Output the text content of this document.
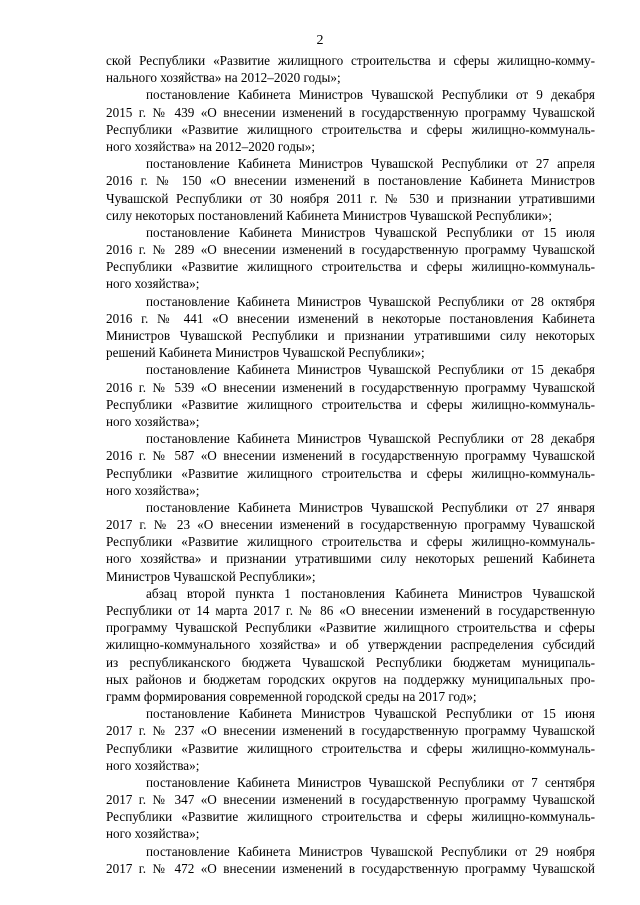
2
ской Республики «Развитие жилищного строительства и сферы жилищно-комму-
нального хозяйства» на 2012–2020 годы»;
постановление Кабинета Министров Чувашской Республики от 9 декабря
2015 г. № 439 «О внесении изменений в государственную программу Чувашской
Республики «Развитие жилищного строительства и сферы жилищно-коммуналь-
ного хозяйства» на 2012–2020 годы»;
постановление Кабинета Министров Чувашской Республики от 27 апреля
2016 г. № 150 «О внесении изменений в постановление Кабинета Министров
Чувашской Республики от 30 ноября 2011 г. № 530 и признании утратившими
силу некоторых постановлений Кабинета Министров Чувашской Республики»;
постановление Кабинета Министров Чувашской Республики от 15 июля
2016 г. № 289 «О внесении изменений в государственную программу Чувашской
Республики «Развитие жилищного строительства и сферы жилищно-коммуналь-
ного хозяйства»;
постановление Кабинета Министров Чувашской Республики от 28 октября
2016 г. № 441 «О внесении изменений в некоторые постановления Кабинета
Министров Чувашской Республики и признании утратившими силу некоторых
решений Кабинета Министров Чувашской Республики»;
постановление Кабинета Министров Чувашской Республики от 15 декабря
2016 г. № 539 «О внесении изменений в государственную программу Чувашской
Республики «Развитие жилищного строительства и сферы жилищно-коммуналь-
ного хозяйства»;
постановление Кабинета Министров Чувашской Республики от 28 декабря
2016 г. № 587 «О внесении изменений в государственную программу Чувашской
Республики «Развитие жилищного строительства и сферы жилищно-коммуналь-
ного хозяйства»;
постановление Кабинета Министров Чувашской Республики от 27 января
2017 г. № 23 «О внесении изменений в государственную программу Чувашской
Республики «Развитие жилищного строительства и сферы жилищно-коммуналь-
ного хозяйства» и признании утратившими силу некоторых решений Кабинета
Министров Чувашской Республики»;
абзац второй пункта 1 постановления Кабинета Министров Чувашской
Республики от 14 марта 2017 г. № 86 «О внесении изменений в государственную
программу Чувашской Республики «Развитие жилищного строительства и сферы
жилищно-коммунального хозяйства» и об утверждении распределения субсидий
из республиканского бюджета Чувашской Республики бюджетам муниципаль-
ных районов и бюджетам городских округов на поддержку муниципальных про-
грамм формирования современной городской среды на 2017 год»;
постановление Кабинета Министров Чувашской Республики от 15 июня
2017 г. № 237 «О внесении изменений в государственную программу Чувашской
Республики «Развитие жилищного строительства и сферы жилищно-коммуналь-
ного хозяйства»;
постановление Кабинета Министров Чувашской Республики от 7 сентября
2017 г. № 347 «О внесении изменений в государственную программу Чувашской
Республики «Развитие жилищного строительства и сферы жилищно-коммуналь-
ного хозяйства»;
постановление Кабинета Министров Чувашской Республики от 29 ноября
2017 г. № 472 «О внесении изменений в государственную программу Чувашской
